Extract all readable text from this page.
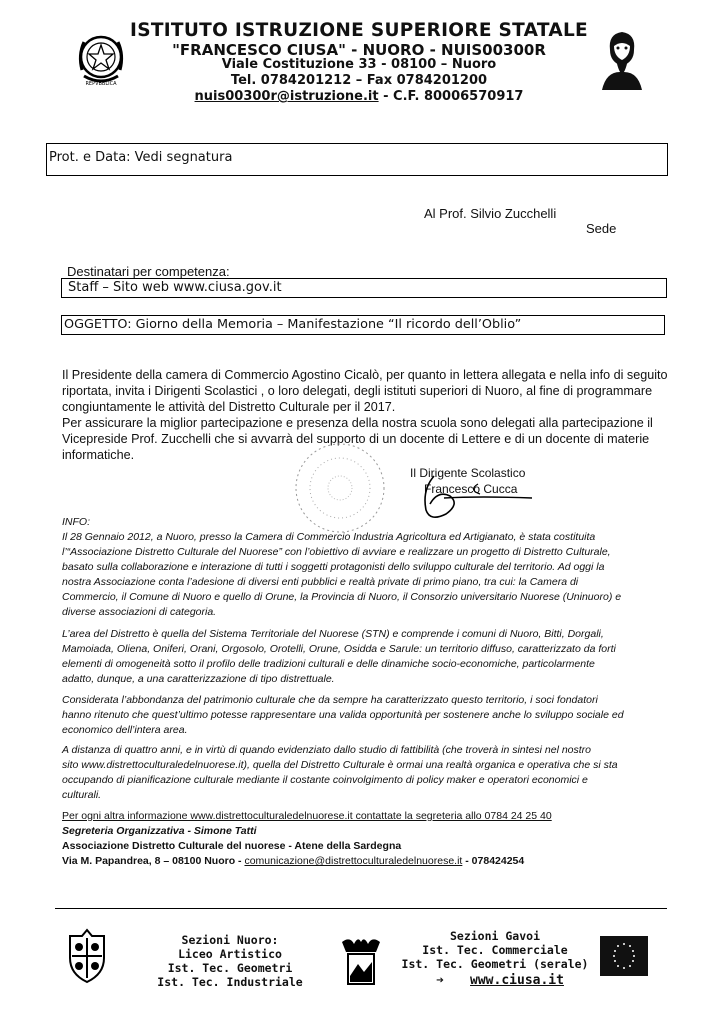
REPVBBLICA
ISTITUTO ISTRUZIONE SUPERIORE STATALE
"FRANCESCO CIUSA" - NUORO - NUIS00300R
Viale Costituzione 33 - 08100 – Nuoro
Tel. 0784201212 – Fax 0784201200
nuis00300r@istruzione.it - C.F. 80006570917
Prot. e Data: Vedi segnatura
Al Prof. Silvio Zucchelli
Sede
Destinatari per competenza:
Staff – Sito web www.ciusa.gov.it
OGGETTO: Giorno della Memoria – Manifestazione “Il ricordo dell’Oblio”
Il Presidente della camera di Commercio Agostino Cicalò, per quanto in lettera allegata e nella info di seguito
riportata, invita i Dirigenti Scolastici , o loro delegati, degli istituti superiori di Nuoro, al fine di programmare
congiuntamente le attività del Distretto Culturale per il 2017.
Per assicurare la miglior partecipazione e presenza della nostra scuola sono delegati alla partecipazione il
Vicepreside Prof. Zucchelli che si avvarrà del supporto di un docente di Lettere e di un docente di materie
informatiche.
Il Dirigente Scolastico
Francesco Cucca
INFO:
Il 28 Gennaio 2012, a Nuoro, presso la Camera di Commercio Industria Agricoltura ed Artigianato, è stata costituita
l’“Associazione Distretto Culturale del Nuorese” con l’obiettivo di avviare e realizzare un progetto di Distretto Culturale,
basato sulla collaborazione e interazione di tutti i soggetti protagonisti dello sviluppo culturale del territorio. Ad oggi la
nostra Associazione conta l’adesione di diversi enti pubblici e realtà private di primo piano, tra cui: la Camera di
Commercio, il Comune di Nuoro e quello di Orune, la Provincia di Nuoro, il Consorzio universitario Nuorese (Uninuoro) e
diverse associazioni di categoria.
L’area del Distretto è quella del Sistema Territoriale del Nuorese (STN) e comprende i comuni di Nuoro, Bitti, Dorgali,
Mamoiada, Oliena, Oniferi, Orani, Orgosolo, Orotelli, Orune, Osidda e Sarule: un territorio diffuso, caratterizzato da forti
elementi di omogeneità sotto il profilo delle tradizioni culturali e delle dinamiche socio-economiche, particolarmente
adatto, dunque, a una caratterizzazione di tipo distrettuale.
Considerata l’abbondanza del patrimonio culturale che da sempre ha caratterizzato questo territorio, i soci fondatori
hanno ritenuto che quest’ultimo potesse rappresentare una valida opportunità per sostenere anche lo sviluppo sociale ed
economico dell’intera area.
A distanza di quattro anni, e in virtù di quando evidenziato dallo studio di fattibilità (che troverà in sintesi nel nostro
sito www.distrettoculturaledelnuorese.it), quella del Distretto Culturale è ormai una realtà organica e operativa che si sta
occupando di pianificazione culturale mediante il costante coinvolgimento di policy maker e operatori economici e
culturali.
Per ogni altra informazione www.distrettoculturaledelnuorese.it contattate la segreteria allo 0784 24 25 40
Segreteria Organizzativa - Simone Tatti
Associazione Distretto Culturale del nuorese - Atene della Sardegna
Via M. Papandrea, 8 – 08100 Nuoro - comunicazione@distrettoculturaledelnuorese.it - 078424254
Sezioni Nuoro:
Liceo Artistico
Ist. Tec. Geometri
Ist. Tec. Industriale
Sezioni Gavoi
Ist. Tec. Commerciale
Ist. Tec. Geometri (serale)
➔	www.ciusa.it
